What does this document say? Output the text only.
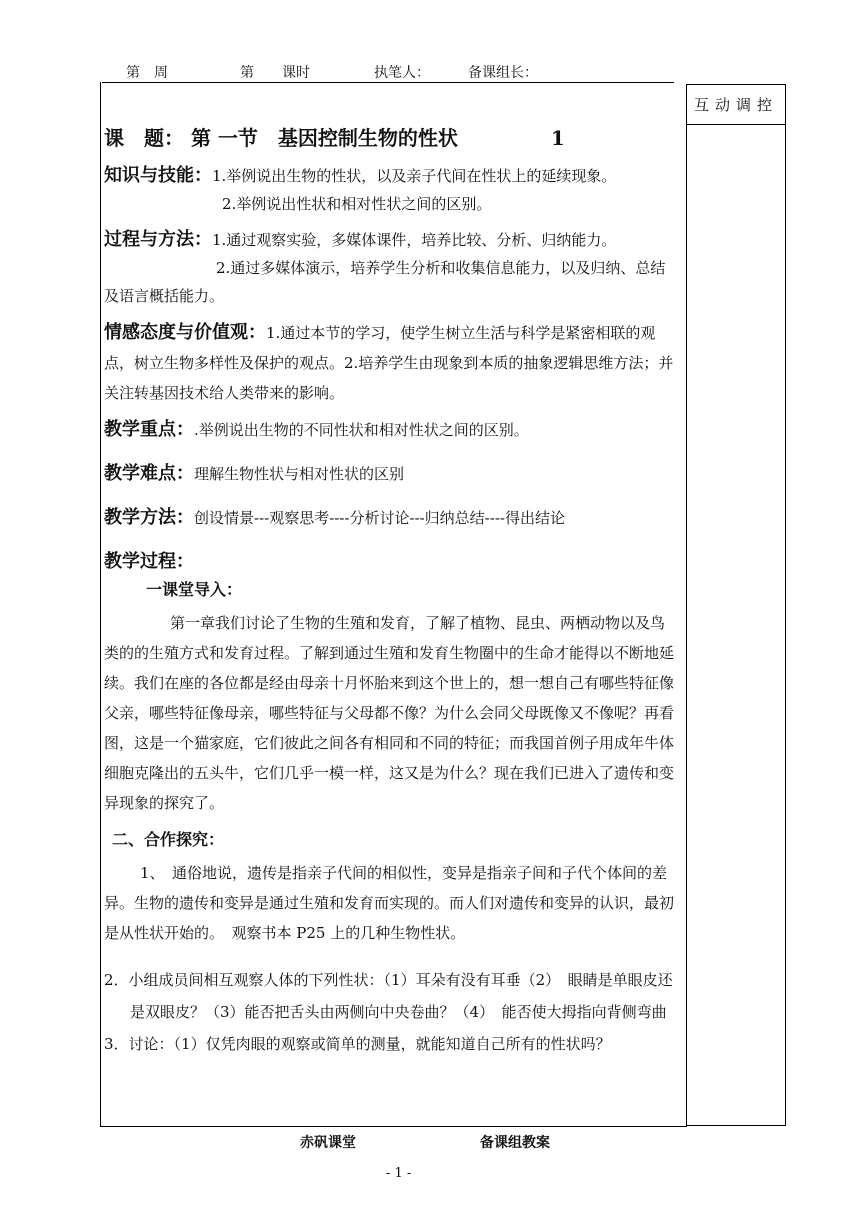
第　周	第　　课时	执笔人：	备课组长：
互动调控
课　题： 第 一节　基因控制生物的性状	1

知识与技能：1.举例说出生物的性状，以及亲子代间在性状上的延续现象。

2.举例说出性状和相对性状之间的区别。

过程与方法：1.通过观察实验，多媒体课件，培养比较、分析、归纳能力。

2.通过多媒体演示，培养学生分析和收集信息能力，以及归纳、总结及语言概括能力。

情感态度与价值观：1.通过本节的学习，使学生树立生活与科学是紧密相联的观点，树立生物多样性及保护的观点。2.培养学生由现象到本质的抽象逻辑思维方法；并关注转基因技术给人类带来的影响。

教学重点：.举例说出生物的不同性状和相对性状之间的区别。

教学难点：理解生物性状与相对性状的区别

教学方法：创设情景---观察思考----分析讨论---归纳总结----得出结论

教学过程：

一课堂导入：

第一章我们讨论了生物的生殖和发育，了解了植物、昆虫、两栖动物以及鸟类的的生殖方式和发育过程。了解到通过生殖和发育生物圈中的生命才能得以不断地延续。我们在座的各位都是经由母亲十月怀胎来到这个世上的，想一想自己有哪些特征像父亲，哪些特征像母亲，哪些特征与父母都不像？为什么会同父母既像又不像呢？再看图，这是一个猫家庭，它们彼此之间各有相同和不同的特征；而我国首例子用成年牛体细胞克隆出的五头牛，它们几乎一模一样，这又是为什么？现在我们已进入了遗传和变异现象的探究了。

二、合作探究：

1、　通俗地说，遗传是指亲子代间的相似性，变异是指亲子间和子代个体间的差异。生物的遗传和变异是通过生殖和发育而实现的。而人们对遗传和变异的认识，最初是从性状开始的。　观察书本 P25 上的几种生物性状。

2．小组成员间相互观察人体的下列性状：（1）耳朵有没有耳垂（2）　眼睛是单眼皮还

是双眼皮？（3）能否把舌头由两侧向中央卷曲？（4）　能否使大拇指向背侧弯曲

3．讨论：（1）仅凭肉眼的观察或简单的测量，就能知道自己所有的性状吗？

赤矾课堂	备课组教案
- 1 -
